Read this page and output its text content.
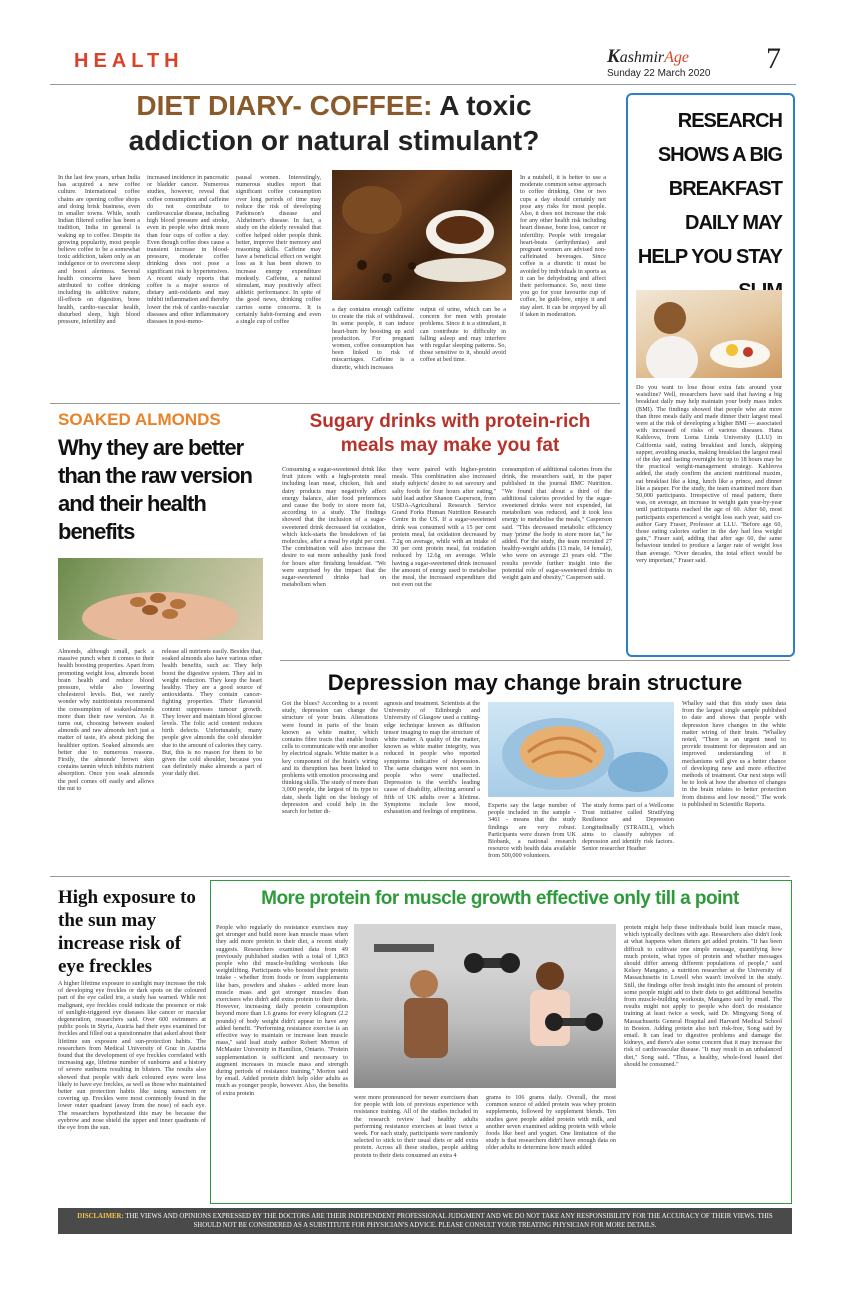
HEALTH	KashmirAge
Sunday 22 March 2020 7
DIET DIARY- COFFEE: A toxic
addiction or natural stimulant?

In the last few years, urban India has acquired a new coffee culture. International coffee chains are opening coffee shops and doing brisk business, even in smaller towns. While, south Indian filtered coffee has been a tradition, India in general is waking up to coffee. Despite its growing popularity, most people believe coffee to be a somewhat toxic addiction, taken only as an indulgence or to overcome sleep and boost alertness. Several health concerns have been attributed to coffee drinking including its addictive nature, ill-effects on digestion, bone health, cardio-vascular health, disturbed sleep, high blood pressure, infertility and

increased incidence in pancreatic or bladder cancer. Numerous studies, however, reveal that coffee consumption and caffeine do not contribute to cardiovascular disease, including high blood pressure and stroke, even in people who drink more than four cups of coffee a day. Even though coffee does cause a transient increase in blood-pressure, moderate coffee drinking does not pose a significant risk to hypertensives. A recent study reports that coffee is a major source of dietary anti-oxidants and may inhibit inflammation and thereby lower the risk of cardio-vascular diseases and other inflammatory diseases in post-meno-

pausal women. Interestingly, numerous studies report that significant coffee consumption over long periods of time may reduce the risk of developing Parkinson's disease and Alzheimer's disease. In fact, a study on the elderly revealed that coffee helped older people think better, improve their memory and reasoning skills. Caffeine may have a beneficial effect on weight loss as it has been shown to increase energy expenditure modestly. Caffeine, a natural stimulant, may positively affect athletic performance. In spite of the good news, drinking coffee carries some concerns. It is certainly habit-forming and even a single cup of coffee

a day contains enough caffeine to create the risk of withdrawal. In some people, it can induce heart-burn by boosting up acid production. For pregnant women, coffee consumption has been linked to risk of miscarriages. Caffeine is a diuretic, which increases

output of urine, which can be a concern for men with prostate problems. Since it is a stimulant, it can contribute to difficulty in falling asleep and may interfere with regular sleeping patterns. So, those sensitive to it, should avoid coffee at bed time.

In a nutshell, it is better to use a moderate common sense approach to coffee drinking. One or two cups a day should certainly not pose any risks for most people. Also, it does not increase the risk for any other health risk including heart disease, bone loss, cancer or infertility. People with irregular heart-beats (arrhythmias) and pregnant women are advised non-caffeinated beverages. Since coffee is a diuretic it must be avoided by individuals in sports as it can be dehydrating and affect their performance. So, next time you go for your favourite cup of coffee, be guilt-free, enjoy it and stay alert. It can be enjoyed by all if taken in moderation.

RESEARCH SHOWS A BIG BREAKFAST DAILY MAY HELP YOU STAY

Do you want to lose those extra fats around your waistline? Well, researchers have said that having a big breakfast daily may help maintain your body mass index (BMI). The findings showed that people who ate more than three meals daily and made dinner their largest meal were at the risk of developing a higher BMI — associated with increased of risks of various diseases. Hana Kahleova, from Loma Linda University (LLU) in California said, eating breakfast and lunch, skipping supper, avoiding snacks, making breakfast the largest meal of the day and fasting overnight for up to 18 hours may be the practical weight-management strategy. Kahleova added, the study confirm the ancient nutritional maxim, eat breakfast like a king, lunch like a prince, and dinner like a pauper. For the study, the team examined more than 50,000 participants. Irrespective of meal pattern, there was, on average, an increase in weight gain year-by-year until participants reached the age of 60. After 60, most participants experienced a weight loss each year, said co-author Gary Fraser, Professor at LLU. "Before age 60, those eating calories earlier in the day had less weight gain," Fraser said, adding that after age 60, the same behaviour tended to produce a larger rate of weight loss than average. "Over decades, the total effect would be very important," Fraser said.

SOAKED ALMONDS
Why they are better than the raw version and their health benefits

Almonds, although small, pack a massive punch when it comes to their health boosting properties. Apart from promoting weight loss, almonds boost brain health and reduce blood pressure, while also lowering cholesterol levels. But, we rarely wonder why nutritionists recommend the consumption of soaked-almonds more than their raw version. As it turns out, choosing between soaked almonds and raw almonds isn't just a matter of taste, it's about picking the healthier option. Soaked almonds are better due to numerous reasons. Firstly, the almonds' brown skin contains tannin which inhibits nutrient absorption. Once you soak almonds the peel comes off easily and allows the nut to

release all nutrients easily. Besides that, soaked almonds also have various other health benefits, such as: They help boost the digestive system. They aid in weight reduction. They keep the heart healthy. They are a good source of antioxidants. They contain cancer-fighting properties. Their flavanoid content suppresses tumour growth. They lower and maintain blood glucose levels. The folic acid content reduces birth defects. Unfortunately, many people give almonds the cold shoulder due to the amount of calories they carry. But, this is no reason for them to be given the cold shoulder, because you can definitely make almonds a part of your daily diet.

Sugary drinks with protein-rich meals may make you fat

Consuming a sugar-sweetened drink like fruit juices with a high-protein meal including lean meat, chicken, fish and dairy products may negatively affect energy balance, alter food preferences and cause the body to store more fat, according to a study. The findings showed that the inclusion of a sugar-sweetened drink decreased fat oxidation, which kick-starts the breakdown of fat molecules, after a meal by eight per cent. The combination will also increase the desire to eat more unhealthy junk food for hours after finishing breakfast. "We were surprised by the impact that the sugar-sweetened drinks had on metabolism when

they were paired with higher-protein meals. This combination also increased study subjects' desire to eat savoury and salty foods for four hours after eating," said lead author Shanon Casperson, from USDA-Agricultural Research Service Grand Forks Human Nutrition Research Centre in the US. If a sugar-sweetened drink was consumed with a 15 per cent protein meal, fat oxidation decreased by 7.2g on average, while with an intake of 30 per cent protein meal, fat oxidation reduced by 12.6g on average. While having a sugar-sweetened drink increased the amount of energy used to metabolise the meal, the increased expenditure did not even out the

consumption of additional calories from the drink, the researchers said, in the paper published in the journal BMC Nutrition. "We found that about a third of the additional calories provided by the sugar-sweetened drinks were not expended, fat metabolism was reduced, and it took less energy to metabolise the meals," Casperson said. "This decreased metabolic efficiency may 'prime' the body to store more fat," he added. For the study, the team recruited 27 healthy-weight adults (13 male, 14 female), who were on average 23 years old. "The results provide further insight into the potential role of sugar-sweetened drinks in weight gain and obesity," Casperson said.

Depression may change brain structure

Got the blues? According to a recent study, depression can change the structure of your brain. Alterations were found in parts of the brain known as white matter, which contains fibre tracts that enable brain cells to communicate with one another by electrical signals. White matter is a key component of the brain's wiring and its disruption has been linked to problems with emotion processing and thinking skills. The study of more than 3,000 people, the largest of its type to date, sheds light on the biology of depression and could help in the search for better di-

agnosis and treatment. Scientists at the University of Edinburgh and University of Glasgow used a cutting-edge technique known as diffusion tensor imaging to map the structure of white matter. A quality of the matter, known as white matter integrity, was reduced in people who reported symptoms indicative of depression. The same changes were not seen in people who were unaffected. Depression is the world's leading cause of disability, affecting around a fifth of UK adults over a lifetime. Symptoms include low mood, exhaustion and feelings of emptiness.

Experts say the large number of people included in the sample - 3461 - means that the study findings are very robust. Participants were drawn from UK Biobank, a national research resource with health data available from 500,000 volunteers.

The study forms part of a Wellcome Trust initiative called Stratifying Resilience and Depression Longitudinally (STRADL), which aims to classify subtypes of depression and identify risk factors. Senior researcher Heather

Whalley said that this study uses data from the largest single sample published to date and shows that people with depression have changes in the white matter wiring of their brain. "Whalley noted, "There is an urgent need to provide treatment for depression and an improved understanding of it mechanisms will give us a better chance of developing new and more effective methods of treatment. Our next steps will be to look at how the absence of changes in the brain relates to better protection from distress and low mood." The work is published in Scientific Reports.

High exposure to the sun may increase risk of eye freckles

A higher lifetime exposure to sunlight may increase the risk of developing eye freckles or dark spots on the coloured part of the eye called iris, a study has warned. While not malignant, eye freckles could indicate the presence or risk of sunlight-triggered eye diseases like cancer or macular degeneration, researchers said. Over 600 swimmers at public pools in Styria, Austria had their eyes examined for freckles and filled out a questionnaire that asked about their lifetime sun exposure and sun-protection habits. The researchers from Medical University of Graz in Austria found that the development of eye freckles correlated with increasing age, lifetime number of sunburns and a history of severe sunburns resulting in blisters. The results also showed that people with dark coloured eyes were less likely to have eye freckles, as well as those who maintained better sun protection habits like using sunscreen or covering up. Freckles were most commonly found in the lower outer quadrant (away from the nose) of each eye. The researchers hypothesized this may be because the eyebrow and nose shield the upper and inner quadrants of the eye from the sun.

More protein for muscle growth effective only till a point

People who regularly do resistance exercises may get stronger and build more lean muscle mass when they add more protein to their diet, a recent study suggests. Researchers examined data from 49 previously published studies with a total of 1,863 people who did muscle-building workouts like weightlifting. Participants who boosted their protein intake - whether from foods or from supplements like bars, powders and shakes - added more lean muscle mass and got stronger muscles than exercisers who didn't add extra protein to their diets. However, increasing daily protein consumption beyond more than 1.6 grams for every kilogram (2.2 pounds) of body weight didn't appear to have any added benefit. "Performing resistance exercise is an effective way to maintain or increase lean muscle mass," said lead study author Robert Morton of McMaster University in Hamilton, Ontario. "Protein supplementation is sufficient and necessary to augment increases in muscle mass and strength during periods of resistance training," Morton said by email. Added protein didn't help older adults as much as younger people, however. Also, the benefits of extra protein

were more pronounced for newer exercisers than for people with lots of previous experience with resistance training. All of the studies included in the research review had healthy adults performing resistance exercises at least twice a week. For each study, participants were randomly selected to stick to their usual diets or add extra protein. Across all these studies, people adding protein to their diets consumed an extra 4

grams to 106 grams daily. Overall, the most common source of added protein was whey protein supplements, followed by supplement blends. Ten studies gave people added protein with milk, and another seven examined adding protein with whole foods like beef and yogurt. One limitation of the study is that researchers didn't have enough data on older adults to determine how much added

protein might help these individuals build lean muscle mass, which typically declines with age. Researchers also didn't look at what happens when dieters get added protein. "It has been difficult to cultivate one simple message, quantifying how much protein, what types of protein and whether messages should differ among different populations of people," said Kelsey Mangano, a nutrition researcher at the University of Massachusetts in Lowell who wasn't involved in the study. Still, the findings offer fresh insight into the amount of protein some people might add to their diets to get additional benefits from muscle-building workouts, Mangano said by email. The results might not apply to people who don't do resistance training at least twice a week, said Dr. Mingyang Song of Massachusetts General Hospital and Harvard Medical School in Boston. Adding protein also isn't risk-free, Song said by email. It can lead to digestive problems and damage the kidneys, and there's also some concern that it may increase the risk of cardiovascular disease. "It may result in an unbalanced diet," Song said. "Thus, a healthy, whole-food based diet should be consumed."

DISCLAIMER: THE VIEWS AND OPINIONS EXPRESSED BY THE DOCTORS ARE THEIR INDEPENDENT PROFESSIONAL JUDGMENT AND WE DO NOT TAKE ANY RESPONSIBILITY FOR THE ACCURACY OF THEIR VIEWS. THIS SHOULD NOT BE CONSIDERED AS A SUBSTITUTE FOR PHYSICIAN'S ADVICE. PLEASE CONSULT YOUR TREATING PHYSICIAN FOR MORE DETAILS.
